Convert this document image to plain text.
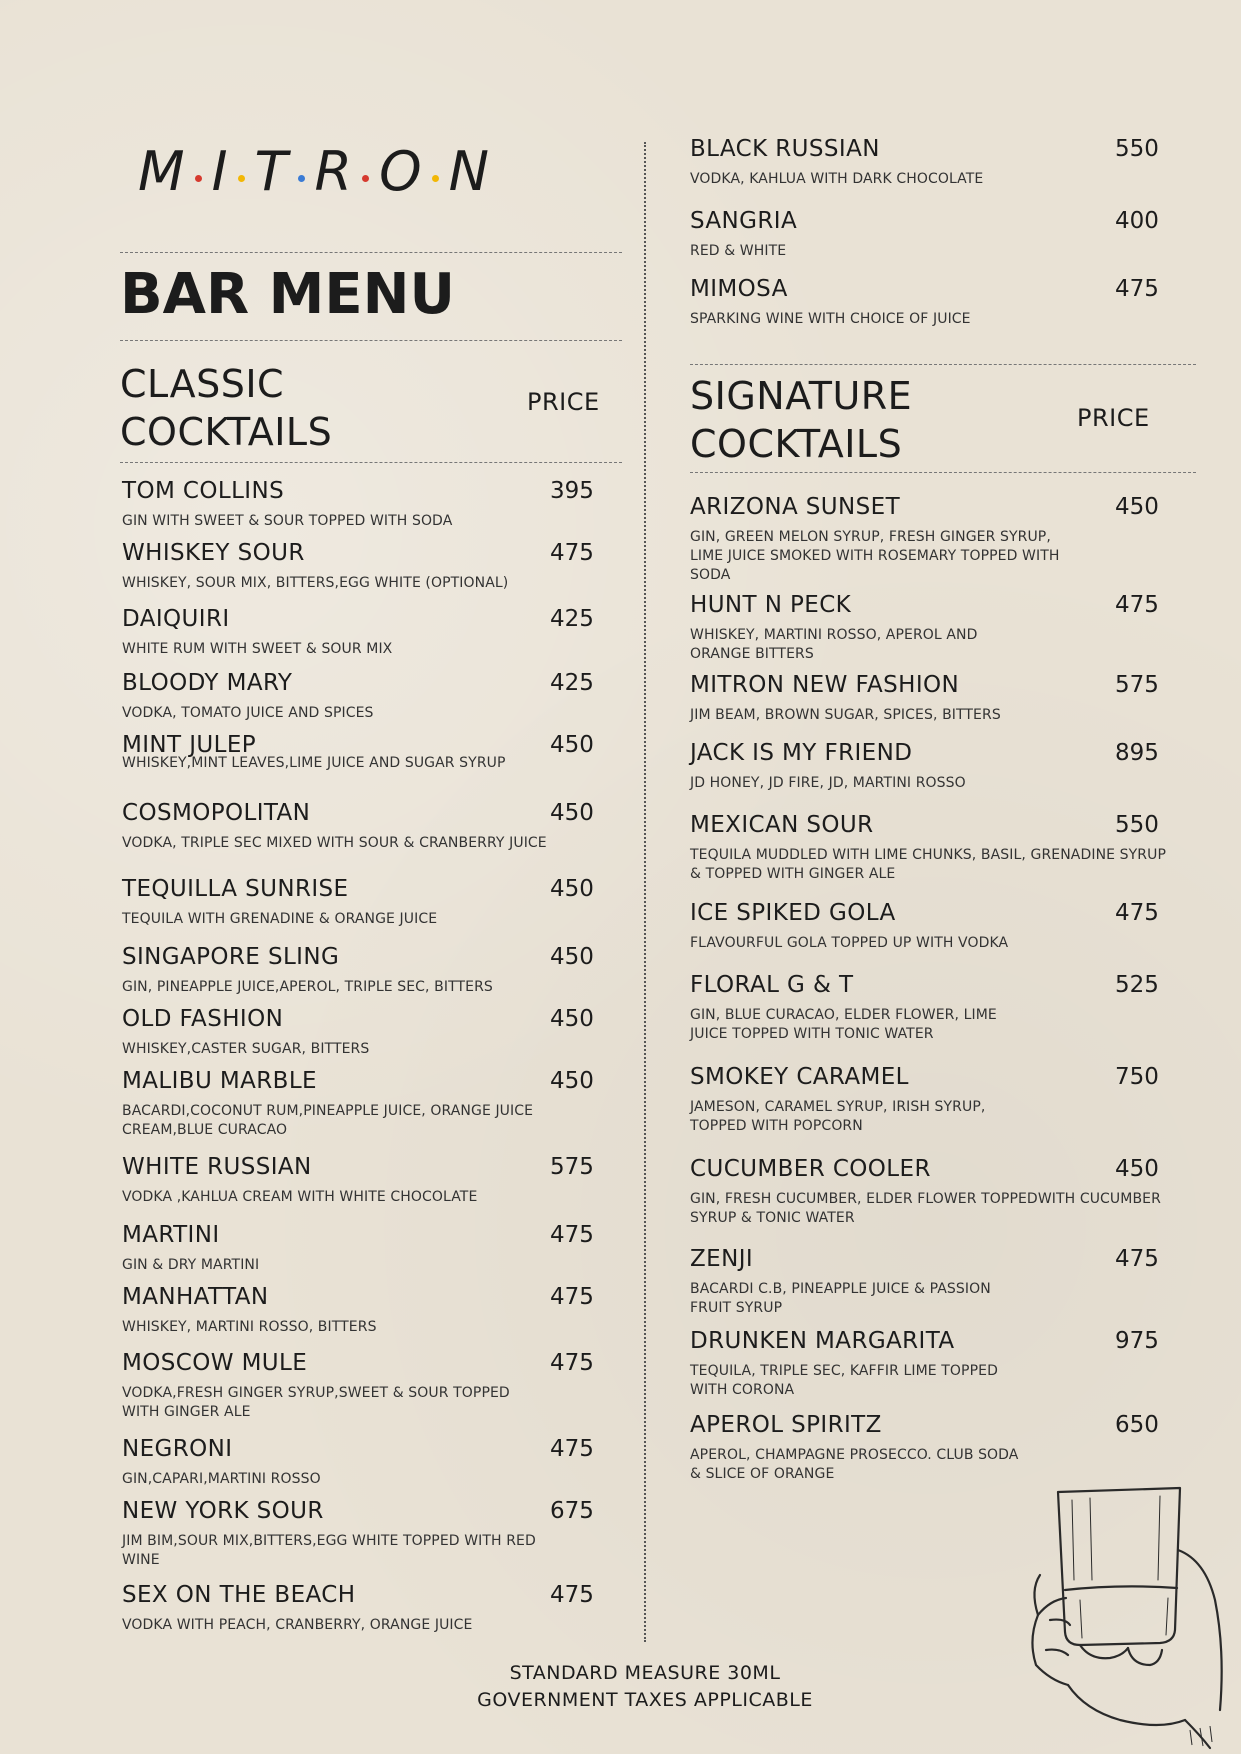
M I T R O N
BAR MENU
CLASSIC
COCKTAILS
PRICE
TOM COLLINS	395
GIN WITH SWEET & SOUR TOPPED WITH SODA
WHISKEY SOUR	475
WHISKEY, SOUR MIX, BITTERS,EGG WHITE (OPTIONAL)
DAIQUIRI	425
WHITE RUM WITH SWEET & SOUR MIX
BLOODY MARY	425
VODKA, TOMATO JUICE AND SPICES
MINT JULEP	450
WHISKEY,MINT LEAVES,LIME JUICE AND SUGAR SYRUP
COSMOPOLITAN	450
VODKA, TRIPLE SEC MIXED WITH SOUR & CRANBERRY JUICE
TEQUILLA SUNRISE	450
TEQUILA WITH GRENADINE & ORANGE JUICE
SINGAPORE SLING	450
GIN, PINEAPPLE JUICE,APEROL, TRIPLE SEC, BITTERS
OLD FASHION	450
WHISKEY,CASTER SUGAR, BITTERS
MALIBU MARBLE	450
BACARDI,COCONUT RUM,PINEAPPLE JUICE, ORANGE JUICE CREAM,BLUE CURACAO
WHITE RUSSIAN	575
VODKA ,KAHLUA CREAM WITH WHITE CHOCOLATE
MARTINI	475
GIN & DRY MARTINI
MANHATTAN	475
WHISKEY, MARTINI ROSSO, BITTERS
MOSCOW MULE	475
VODKA,FRESH GINGER SYRUP,SWEET & SOUR TOPPED WITH GINGER ALE
NEGRONI	475
GIN,CAPARI,MARTINI ROSSO
NEW YORK SOUR	675
JIM BIM,SOUR MIX,BITTERS,EGG WHITE TOPPED WITH RED WINE
SEX ON THE BEACH	475
VODKA WITH PEACH, CRANBERRY, ORANGE JUICE
BLACK RUSSIAN	550
VODKA, KAHLUA WITH DARK CHOCOLATE
SANGRIA	400
RED & WHITE
MIMOSA	475
SPARKING WINE WITH CHOICE OF JUICE
SIGNATURE
COCKTAILS
PRICE
ARIZONA SUNSET	450
GIN, GREEN MELON SYRUP, FRESH GINGER SYRUP, LIME JUICE SMOKED WITH ROSEMARY TOPPED WITH SODA
HUNT N PECK	475
WHISKEY, MARTINI ROSSO, APEROL AND ORANGE BITTERS
MITRON NEW FASHION	575
JIM BEAM, BROWN SUGAR, SPICES, BITTERS
JACK IS MY FRIEND	895
JD HONEY, JD FIRE, JD, MARTINI ROSSO
MEXICAN SOUR	550
TEQUILA MUDDLED WITH LIME CHUNKS, BASIL, GRENADINE SYRUP & TOPPED WITH GINGER ALE
ICE SPIKED GOLA	475
FLAVOURFUL GOLA TOPPED UP WITH VODKA
FLORAL G & T	525
GIN, BLUE CURACAO, ELDER FLOWER, LIME JUICE TOPPED WITH TONIC WATER
SMOKEY CARAMEL	750
JAMESON, CARAMEL SYRUP, IRISH SYRUP, TOPPED WITH POPCORN
CUCUMBER COOLER	450
GIN, FRESH CUCUMBER, ELDER FLOWER TOPPEDWITH CUCUMBER SYRUP & TONIC WATER
ZENJI	475
BACARDI C.B, PINEAPPLE JUICE & PASSION FRUIT SYRUP
DRUNKEN MARGARITA	975
TEQUILA, TRIPLE SEC, KAFFIR LIME TOPPED WITH CORONA
APEROL SPIRITZ	650
APEROL, CHAMPAGNE PROSECCO. CLUB SODA & SLICE OF ORANGE
STANDARD MEASURE 30ML
GOVERNMENT TAXES APPLICABLE
